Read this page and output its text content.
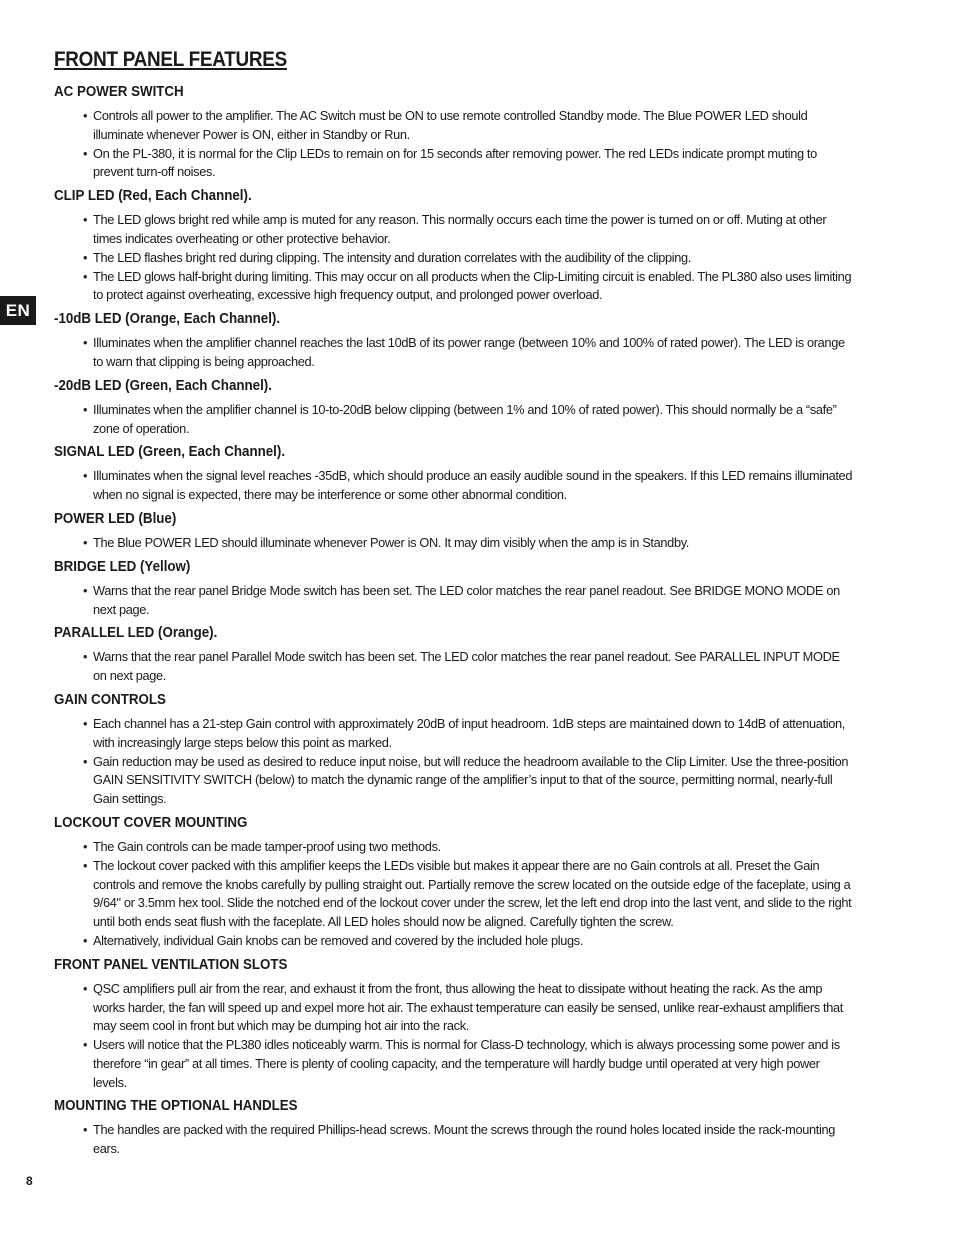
EN
FRONT PANEL FEATURES
AC POWER SWITCH
• Controls all power to the amplifier. The AC Switch must be ON to use remote controlled Standby mode. The Blue POWER LED should illuminate whenever Power is ON, either in Standby or Run.
• On the PL-380, it is normal for the Clip LEDs to remain on for 15 seconds after removing power. The red LEDs indicate prompt muting to prevent turn-off noises.
CLIP LED (Red, Each Channel).
• The LED glows bright red while amp is muted for any reason. This normally occurs each time the power is turned on or off. Muting at other times indicates overheating or other protective behavior.
• The LED flashes bright red during clipping. The intensity and duration correlates with the audibility of the clipping.
• The LED glows half-bright during limiting. This may occur on all products when the Clip-Limiting circuit is enabled. The PL380 also uses limiting to protect against overheating, excessive high frequency output, and prolonged power overload.
-10dB LED (Orange, Each Channel).
• Illuminates when the amplifier channel reaches the last 10dB of its power range (between 10% and 100% of rated power). The LED is orange to warn that clipping is being approached.
-20dB LED (Green, Each Channel).
• Illuminates when the amplifier channel is 10-to-20dB below clipping (between 1% and 10% of rated power). This should normally be a “safe” zone of operation.
SIGNAL LED (Green, Each Channel).
• Illuminates when the signal level reaches -35dB, which should produce an easily audible sound in the speakers. If this LED remains illuminated when no signal is expected, there may be interference or some other abnormal condition.
POWER LED (Blue)
• The Blue POWER LED should illuminate whenever Power is ON. It may dim visibly when the amp is in Standby.
BRIDGE LED (Yellow)
• Warns that the rear panel Bridge Mode switch has been set. The LED color matches the rear panel readout. See BRIDGE MONO MODE on next page.
PARALLEL LED (Orange).
• Warns that the rear panel Parallel Mode switch has been set. The LED color matches the rear panel readout. See PARALLEL INPUT MODE on next page.
GAIN CONTROLS
• Each channel has a 21-step Gain control with approximately 20dB of input headroom. 1dB steps are maintained down to 14dB of attenuation, with increasingly large steps below this point as marked.
• Gain reduction may be used as desired to reduce input noise, but will reduce the headroom available to the Clip Limiter. Use the three-position GAIN SENSITIVITY SWITCH (below) to match the dynamic range of the amplifier’s input to that of the source, permitting normal, nearly-full Gain settings.
LOCKOUT COVER MOUNTING
• The Gain controls can be made tamper-proof using two methods.
• The lockout cover packed with this amplifier keeps the LEDs visible but makes it appear there are no Gain controls at all. Preset the Gain controls and remove the knobs carefully by pulling straight out. Partially remove the screw located on the outside edge of the faceplate, using a 9/64" or 3.5mm hex tool. Slide the notched end of the lockout cover under the screw, let the left end drop into the last vent, and slide to the right until both ends seat flush with the faceplate. All LED holes should now be aligned. Carefully tighten the screw.
• Alternatively, individual Gain knobs can be removed and covered by the included hole plugs.
FRONT PANEL VENTILATION SLOTS
• QSC amplifiers pull air from the rear, and exhaust it from the front, thus allowing the heat to dissipate without heating the rack. As the amp works harder, the fan will speed up and expel more hot air. The exhaust temperature can easily be sensed, unlike rear-exhaust amplifiers that may seem cool in front but which may be dumping hot air into the rack.
• Users will notice that the PL380 idles noticeably warm. This is normal for Class-D technology, which is always processing some power and is therefore “in gear” at all times. There is plenty of cooling capacity, and the temperature will hardly budge until operated at very high power levels.
MOUNTING THE OPTIONAL HANDLES
• The handles are packed with the required Phillips-head screws. Mount the screws through the round holes located inside the rack-mounting ears.
8
